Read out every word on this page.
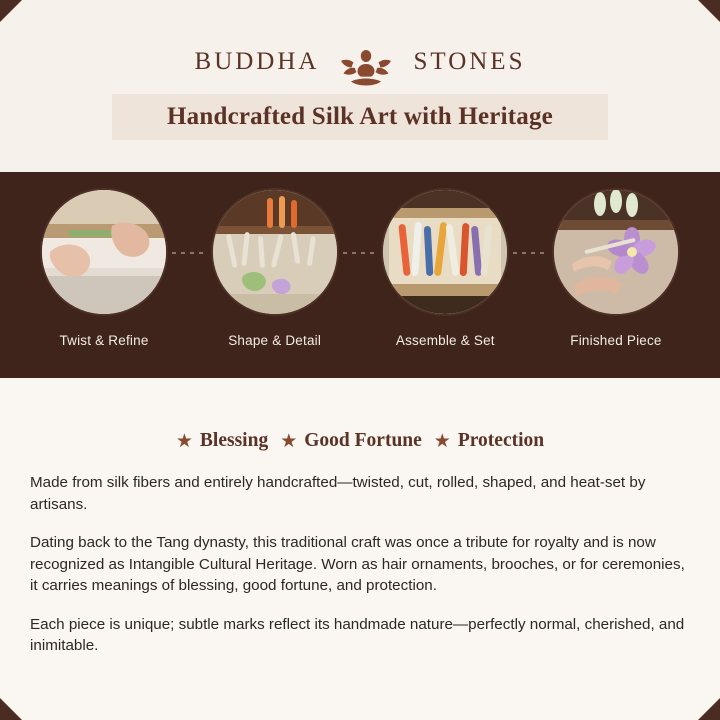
BUDDHA	STONES
Handcrafted Silk Art with Heritage
Twist & Refine	Shape & Detail	Assemble & Set	Finished Piece
★ Blessing ★ Good Fortune ★ Protection

Made from silk fibers and entirely handcrafted—twisted, cut, rolled, shaped, and heat-set by artisans.

Dating back to the Tang dynasty, this traditional craft was once a tribute for royalty and is now recognized as Intangible Cultural Heritage. Worn as hair ornaments, brooches, or for ceremonies, it carries meanings of blessing, good fortune, and protection.

Each piece is unique; subtle marks reflect its handmade nature—perfectly normal, cherished, and inimitable.
